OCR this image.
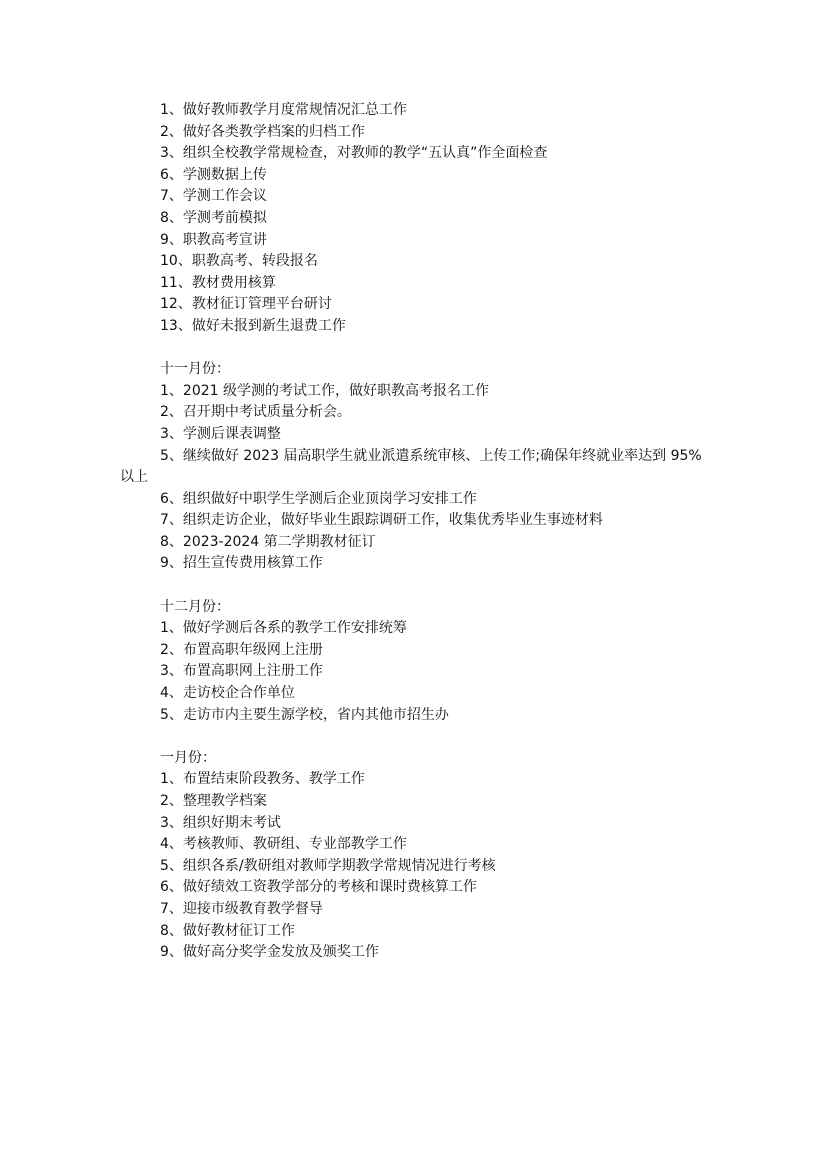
1、做好教师教学月度常规情况汇总工作
2、做好各类教学档案的归档工作
3、组织全校教学常规检查，对教师的教学“五认真”作全面检查
6、学测数据上传
7、学测工作会议
8、学测考前模拟
9、职教高考宣讲
10、职教高考、转段报名
11、教材费用核算
12、教材征订管理平台研讨
13、做好未报到新生退费工作
十一月份：
1、2021 级学测的考试工作，做好职教高考报名工作
2、召开期中考试质量分析会。
3、学测后课表调整
5、继续做好 2023 届高职学生就业派遣系统审核、上传工作;确保年终就业率达到 95%以上
6、组织做好中职学生学测后企业顶岗学习安排工作
7、组织走访企业，做好毕业生跟踪调研工作，收集优秀毕业生事迹材料
8、2023-2024 第二学期教材征订
9、招生宣传费用核算工作
十二月份：
1、做好学测后各系的教学工作安排统筹
2、布置高职年级网上注册
3、布置高职网上注册工作
4、走访校企合作单位
5、走访市内主要生源学校，省内其他市招生办
一月份：
1、布置结束阶段教务、教学工作
2、整理教学档案
3、组织好期末考试
4、考核教师、教研组、专业部教学工作
5、组织各系/教研组对教师学期教学常规情况进行考核
6、做好绩效工资教学部分的考核和课时费核算工作
7、迎接市级教育教学督导
8、做好教材征订工作
9、做好高分奖学金发放及颁奖工作
